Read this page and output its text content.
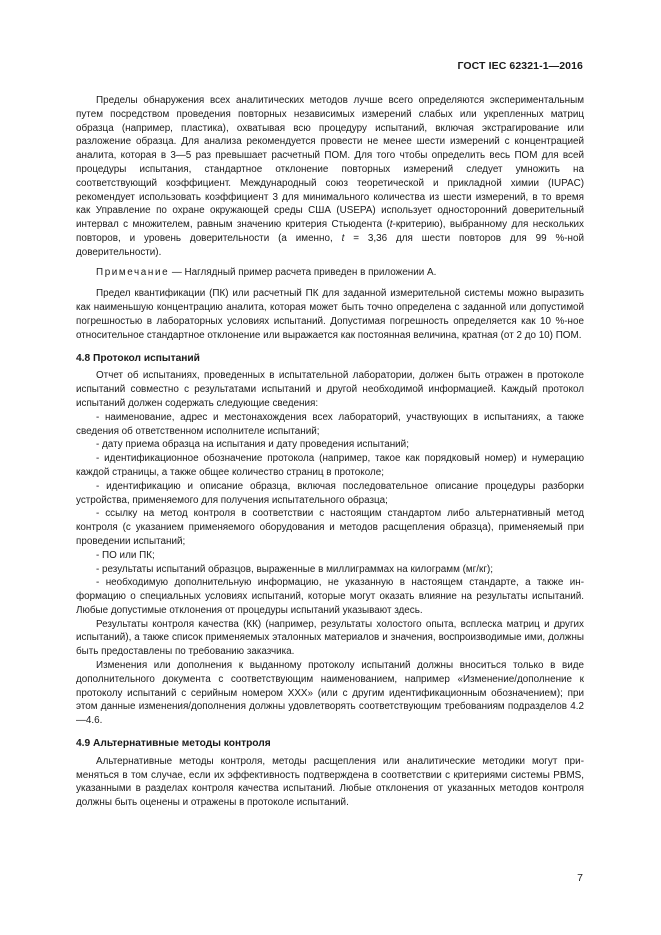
ГОСТ IEC 62321-1—2016

Пределы обнаружения всех аналитических методов лучше всего определяются экспериментальным путем посредством проведения повторных независимых измерений слабых или укрепленных матриц образца (например, пластика), охватывая всю процедуру испытаний, включая экстрагирование или разложение образца. Для анализа рекомендуется провести не менее шести измерений с концентрацией аналита, которая в 3—5 раз превышает расчетный ПОМ. Для того чтобы определить весь ПОМ для всей процедуры испытания, стандартное отклонение повторных измерений следует умножить на соответствующий коэффициент. Международный союз теоретической и прикладной химии (IUPAC) рекомендует использовать коэффициент 3 для минимального количества из шести измерений, в то время как Управление по охране окружающей среды США (USEPA) использует односторонний доверительный интервал с множителем, равным значению критерия Стьюдента (t-критерию), выбранному для нескольких повторов, и уровень доверительности (а именно, t = 3,36 для шести повторов для 99 %-ной доверительности).

Примечание — Наглядный пример расчета приведен в приложении А.

Предел квантификации (ПК) или расчетный ПК для заданной измерительной системы можно выразить как наименьшую концентрацию аналита, которая может быть точно определена с заданной или допустимой погрешностью в лабораторных условиях испытаний. Допустимая погрешность определяется как 10 %-ное относительное стандартное отклонение или выражается как постоянная величина, кратная (от 2 до 10) ПОМ.

4.8 Протокол испытаний

Отчет об испытаниях, проведенных в испытательной лаборатории, должен быть отражен в протоколе испытаний совместно с результатами испытаний и другой необходимой информацией. Каждый протокол испытаний должен содержать следующие сведения:

- наименование, адрес и местонахождения всех лабораторий, участвующих в испытаниях, а также сведения об ответственном исполнителе испытаний;

- дату приема образца на испытания и дату проведения испытаний;

- идентификационное обозначение протокола (например, такое как порядковый номер) и нумерацию каждой страницы, а также общее количество страниц в протоколе;

- идентификацию и описание образца, включая последовательное описание процедуры разборки устройства, применяемого для получения испытательного образца;

- ссылку на метод контроля в соответствии с настоящим стандартом либо альтернативный метод контроля (с указанием применяемого оборудования и методов расщепления образца), применяемый при проведении испытаний;

- ПО или ПК;

- результаты испытаний образцов, выраженные в миллиграммах на килограмм (мг/кг);

- необходимую дополнительную информацию, не указанную в настоящем стандарте, а также информацию о специальных условиях испытаний, которые могут оказать влияние на результаты испытаний. Любые допустимые отклонения от процедуры испытаний указывают здесь.

Результаты контроля качества (КК) (например, результаты холостого опыта, всплеска матриц и других испытаний), а также список применяемых эталонных материалов и значения, воспроизводимые ими, должны быть предоставлены по требованию заказчика.

Изменения или дополнения к выданному протоколу испытаний должны вноситься только в виде дополнительного документа с соответствующим наименованием, например «Изменение/дополнение к протоколу испытаний с серийным номером ХХХ» (или с другим идентификационным обозначением); при этом данные изменения/дополнения должны удовлетворять соответствующим требованиям подразделов 4.2—4.6.

4.9 Альтернативные методы контроля

Альтернативные методы контроля, методы расщепления или аналитические методики могут применяться в том случае, если их эффективность подтверждена в соответствии с критериями системы PBMS, указанными в разделах контроля качества испытаний. Любые отклонения от указанных методов контроля должны быть оценены и отражены в протоколе испытаний.

7
